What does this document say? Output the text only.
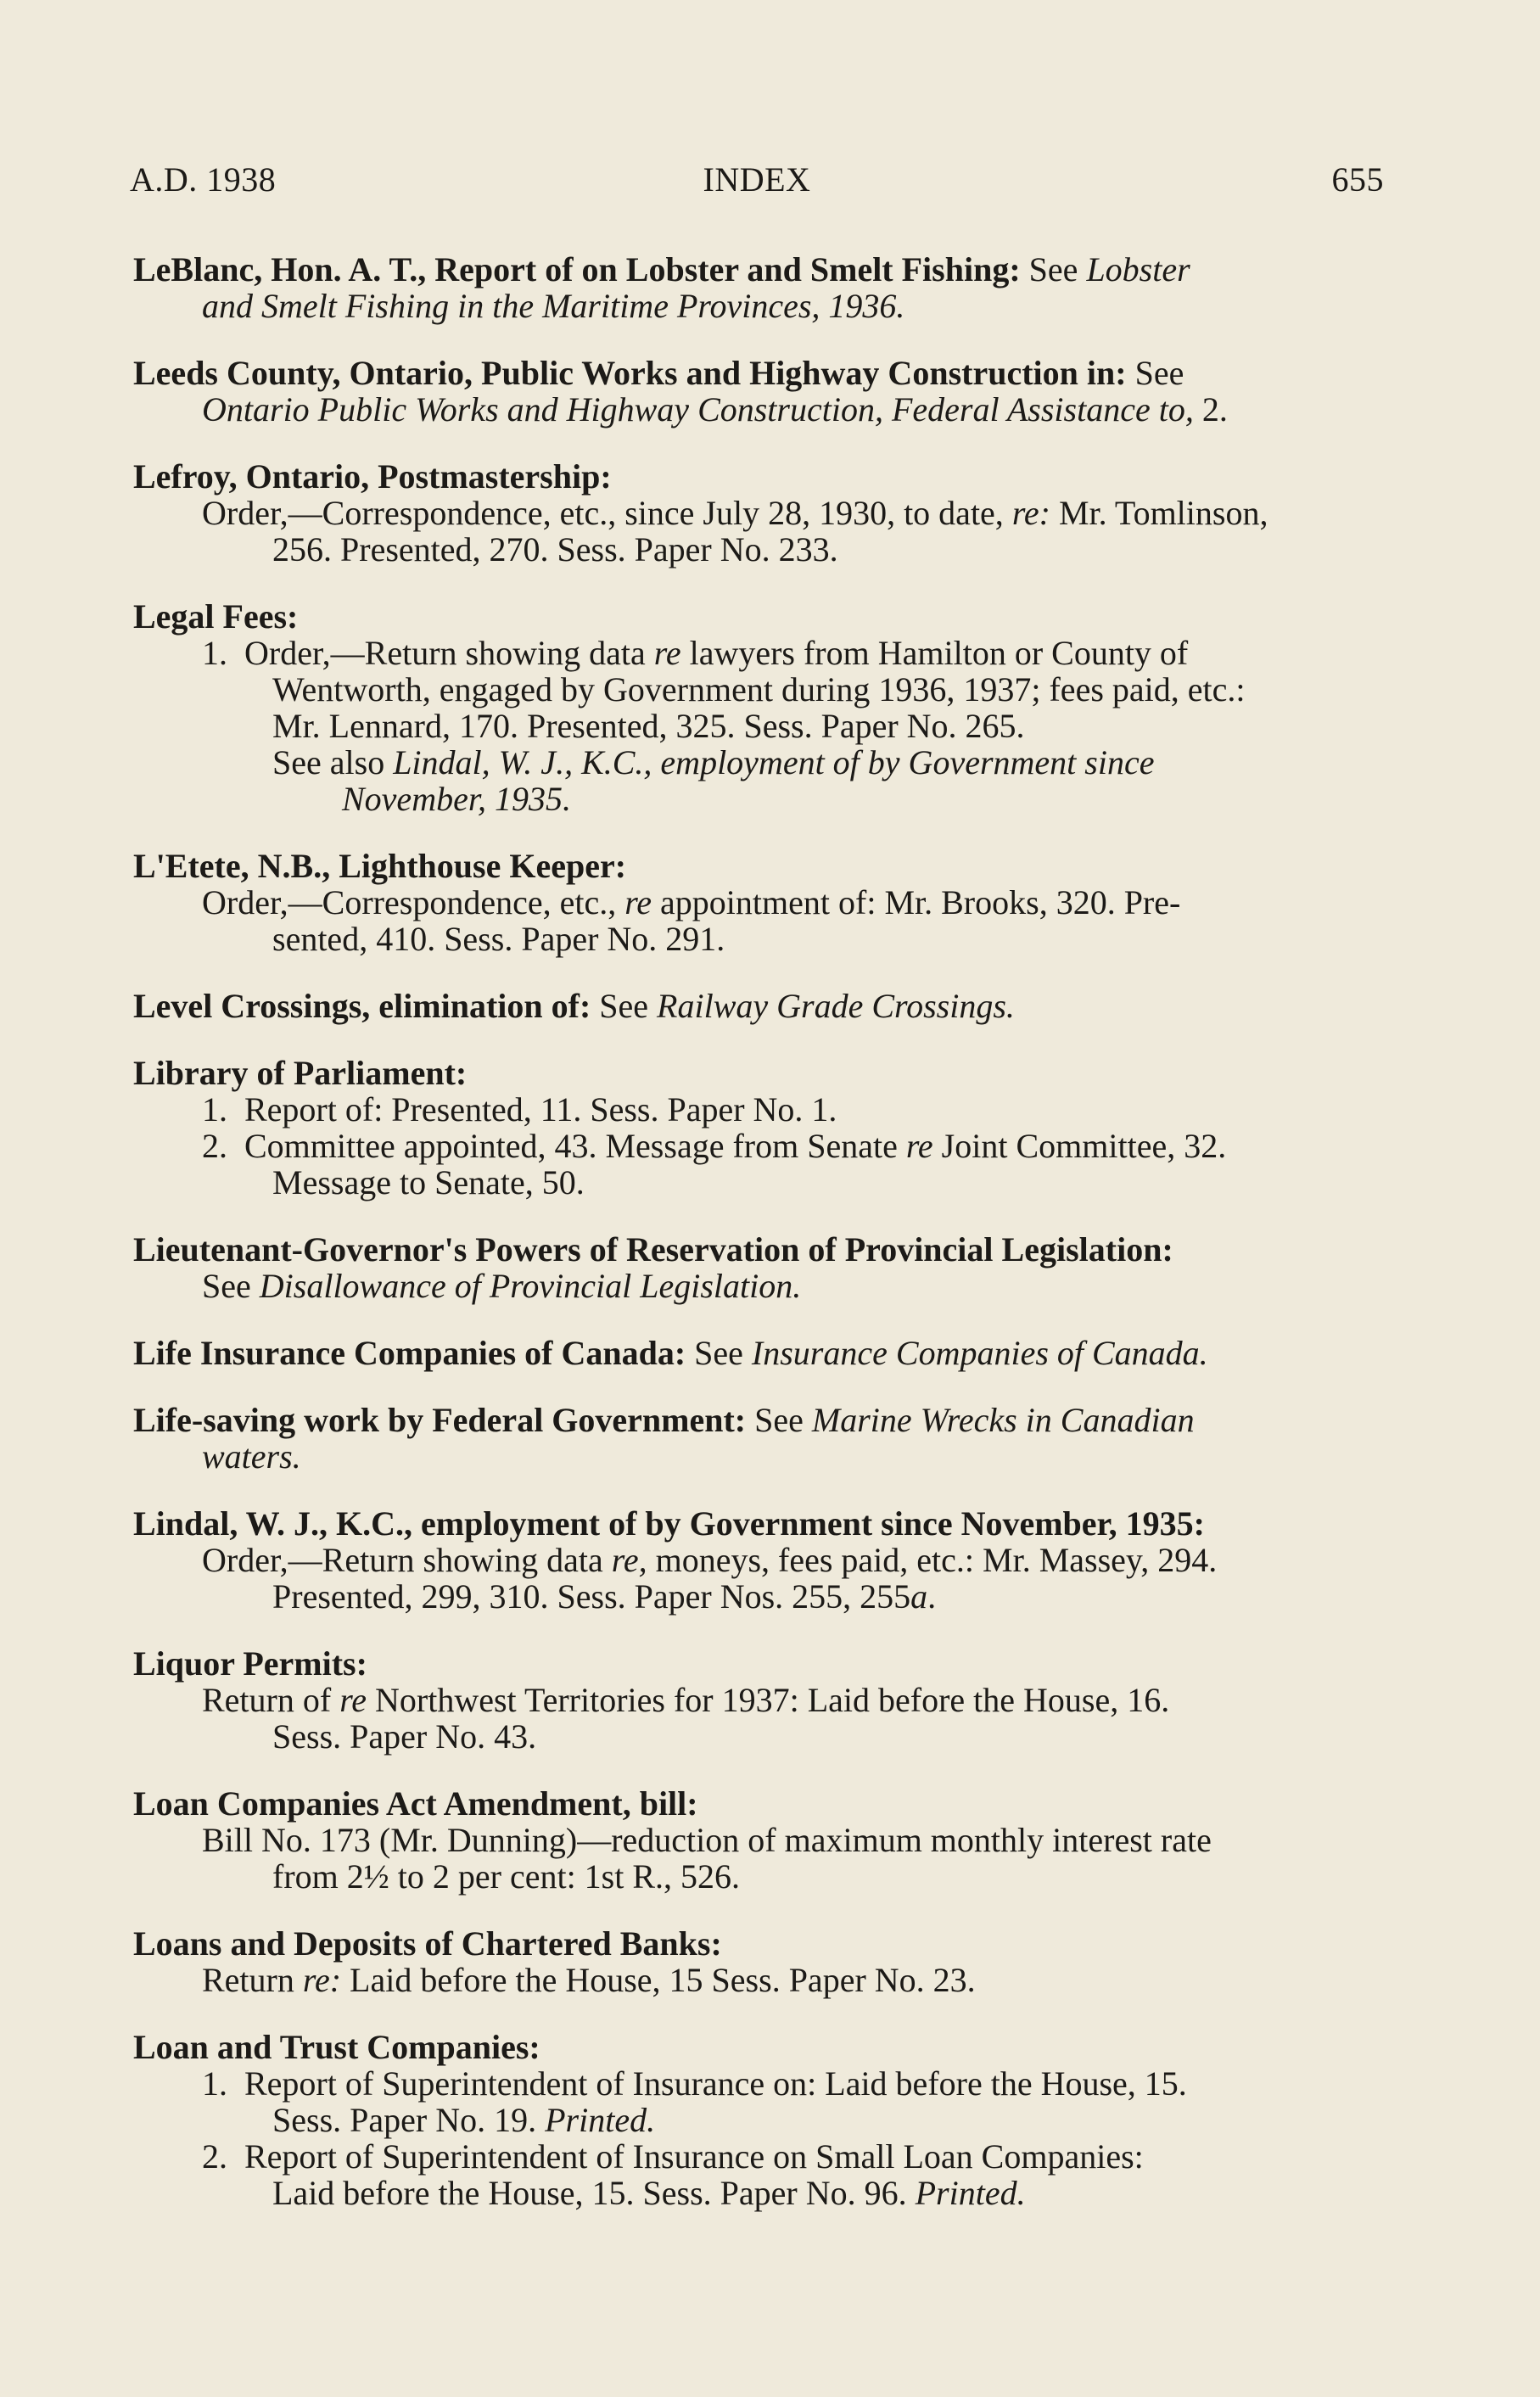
A.D. 1938	INDEX	655
LeBlanc, Hon. A. T., Report of on Lobster and Smelt Fishing: See Lobster
and Smelt Fishing in the Maritime Provinces, 1936.
Leeds County, Ontario, Public Works and Highway Construction in: See
Ontario Public Works and Highway Construction, Federal Assistance to, 2.
Lefroy, Ontario, Postmastership:
Order,—Correspondence, etc., since July 28, 1930, to date, re: Mr. Tomlinson,
256. Presented, 270. Sess. Paper No. 233.
Legal Fees:
1. Order,—Return showing data re lawyers from Hamilton or County of
Wentworth, engaged by Government during 1936, 1937; fees paid, etc.:
Mr. Lennard, 170. Presented, 325. Sess. Paper No. 265.
See also Lindal, W. J., K.C., employment of by Government since
November, 1935.
L'Etete, N.B., Lighthouse Keeper:
Order,—Correspondence, etc., re appointment of: Mr. Brooks, 320. Pre-
sented, 410. Sess. Paper No. 291.
Level Crossings, elimination of: See Railway Grade Crossings.
Library of Parliament:
1. Report of: Presented, 11. Sess. Paper No. 1.
2. Committee appointed, 43. Message from Senate re Joint Committee, 32.
Message to Senate, 50.
Lieutenant-Governor's Powers of Reservation of Provincial Legislation:
See Disallowance of Provincial Legislation.
Life Insurance Companies of Canada: See Insurance Companies of Canada.
Life-saving work by Federal Government: See Marine Wrecks in Canadian
waters.
Lindal, W. J., K.C., employment of by Government since November, 1935:
Order,—Return showing data re, moneys, fees paid, etc.: Mr. Massey, 294.
Presented, 299, 310. Sess. Paper Nos. 255, 255a.
Liquor Permits:
Return of re Northwest Territories for 1937: Laid before the House, 16.
Sess. Paper No. 43.
Loan Companies Act Amendment, bill:
Bill No. 173 (Mr. Dunning)—reduction of maximum monthly interest rate
from 2½ to 2 per cent: 1st R., 526.
Loans and Deposits of Chartered Banks:
Return re: Laid before the House, 15 Sess. Paper No. 23.
Loan and Trust Companies:
1. Report of Superintendent of Insurance on: Laid before the House, 15.
Sess. Paper No. 19. Printed.
2. Report of Superintendent of Insurance on Small Loan Companies:
Laid before the House, 15. Sess. Paper No. 96. Printed.
